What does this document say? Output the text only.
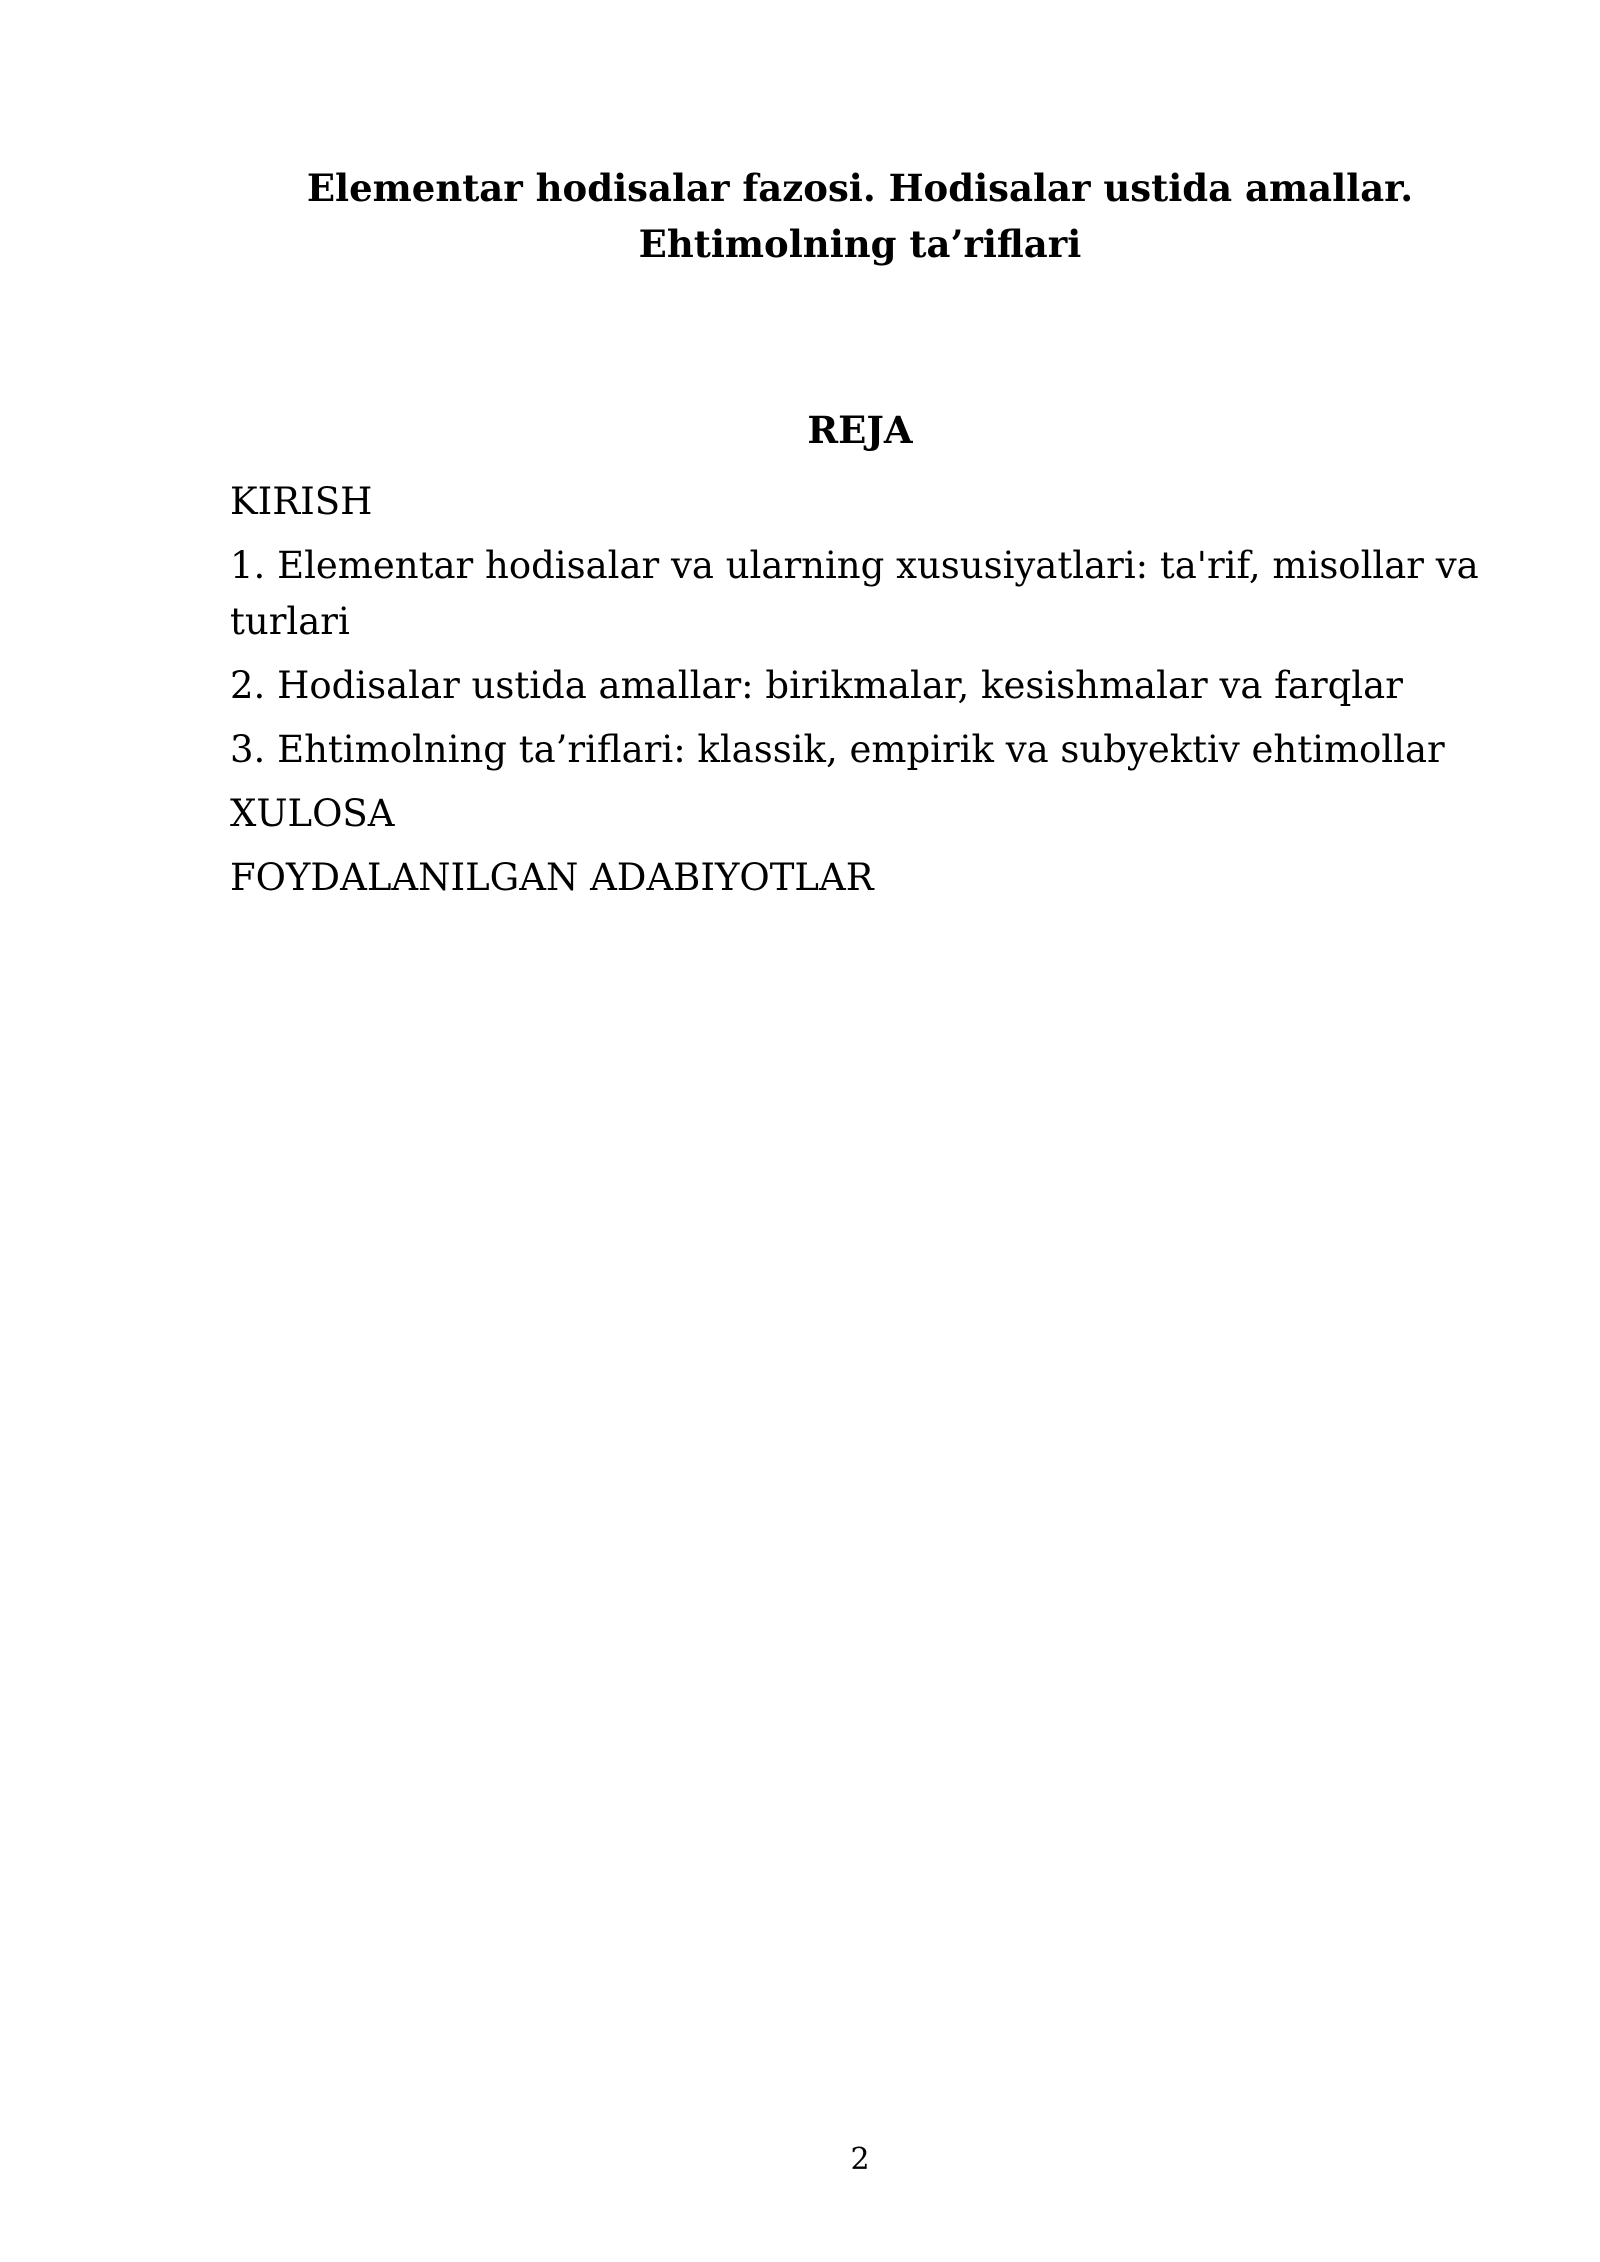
Elementar hodisalar fazosi. Hodisalar ustida amallar.
Ehtimolning ta’riflari
REJA
KIRISH
1. Elementar hodisalar va ularning xususiyatlari: ta'rif, misollar va turlari
2. Hodisalar ustida amallar: birikmalar, kesishmalar va farqlar
3. Ehtimolning ta’riflari: klassik, empirik va subyektiv ehtimollar
XULOSA
FOYDALANILGAN ADABIYOTLAR
2
